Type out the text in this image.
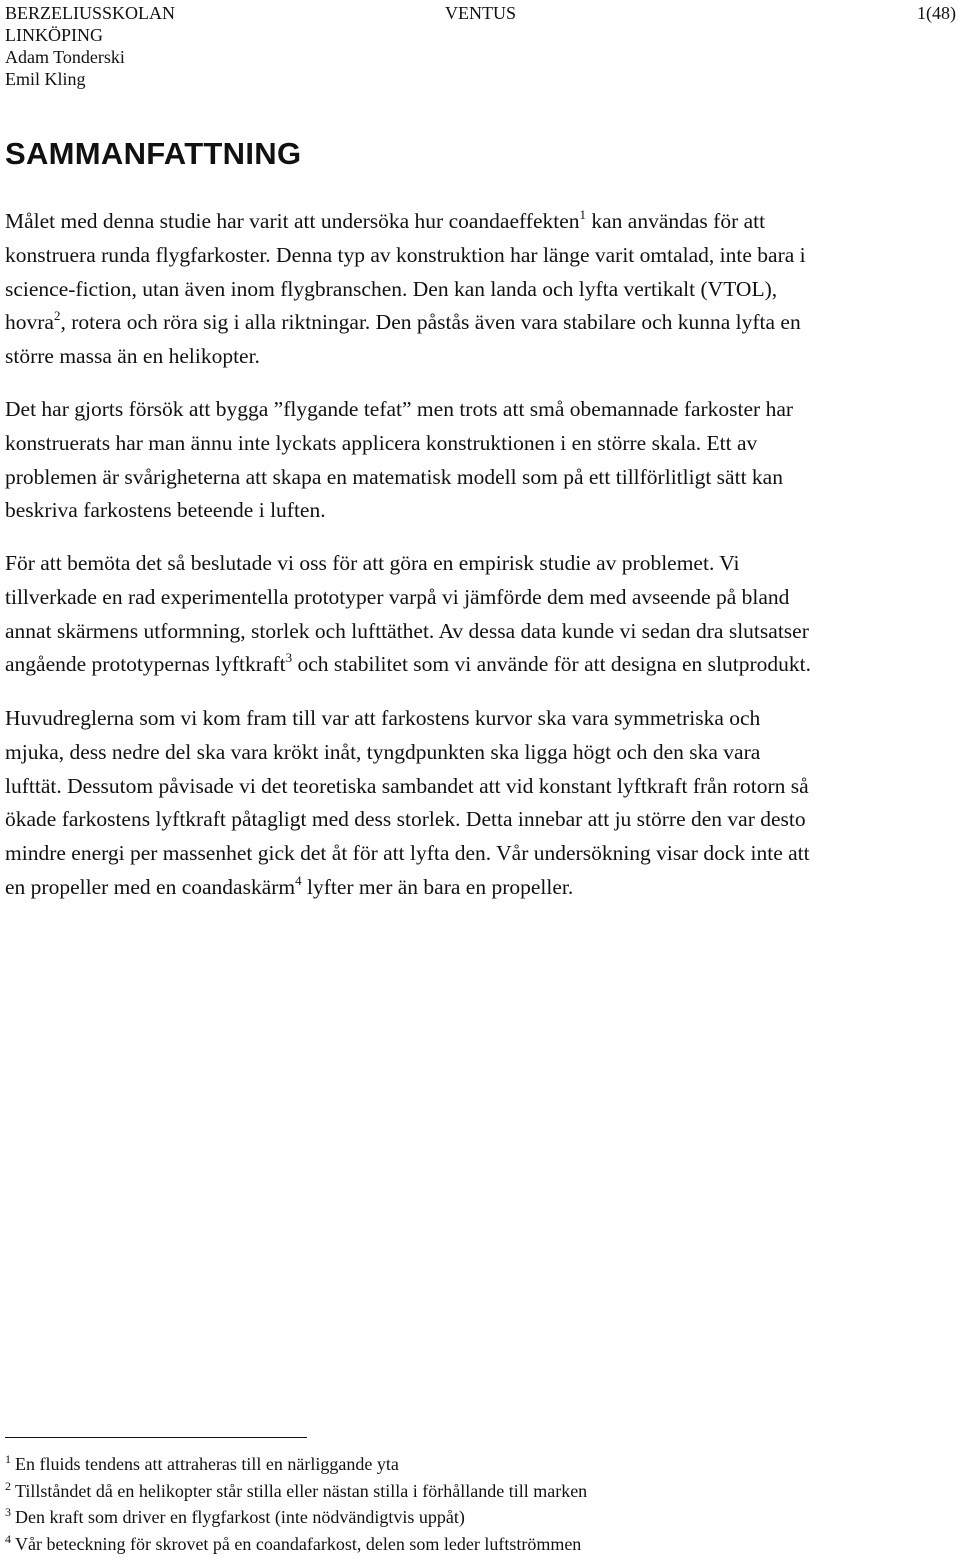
BERZELIUSSKOLAN
LINKÖPING
Adam Tonderski
Emil Kling
VENTUS	1(48)
SAMMANFATTNING
Målet med denna studie har varit att undersöka hur coandaeffekten$^1$ kan användas för att
konstruera runda flygfarkoster. Denna typ av konstruktion har länge varit omtalad, inte bara i
science-fiction, utan även inom flygbranschen. Den kan landa och lyfta vertikalt (VTOL),
hovra$^2$, rotera och röra sig i alla riktningar. Den påstås även vara stabilare och kunna lyfta en
större massa än en helikopter.
Det har gjorts försök att bygga ”flygande tefat” men trots att små obemannade farkoster har
konstruerats har man ännu inte lyckats applicera konstruktionen i en större skala. Ett av
problemen är svårigheterna att skapa en matematisk modell som på ett tillförlitligt sätt kan
beskriva farkostens beteende i luften.
För att bemöta det så beslutade vi oss för att göra en empirisk studie av problemet. Vi
tillverkade en rad experimentella prototyper varpå vi jämförde dem med avseende på bland
annat skärmens utformning, storlek och lufttäthet. Av dessa data kunde vi sedan dra slutsatser
angående prototypernas lyftkraft$^3$ och stabilitet som vi använde för att designa en slutprodukt.
Huvudreglerna som vi kom fram till var att farkostens kurvor ska vara symmetriska och
mjuka, dess nedre del ska vara krökt inåt, tyngdpunkten ska ligga högt och den ska vara
lufttät. Dessutom påvisade vi det teoretiska sambandet att vid konstant lyftkraft från rotorn så
ökade farkostens lyftkraft påtagligt med dess storlek. Detta innebar att ju större den var desto
mindre energi per massenhet gick det åt för att lyfta den. Vår undersökning visar dock inte att
en propeller med en coandaskärm$^4$ lyfter mer än bara en propeller.
$^1$ En fluids tendens att attraheras till en närliggande yta
$^2$ Tillståndet då en helikopter står stilla eller nästan stilla i förhållande till marken
$^3$ Den kraft som driver en flygfarkost (inte nödvändigtvis uppåt)
$^4$ Vår beteckning för skrovet på en coandafarkost, delen som leder luftströmmen
